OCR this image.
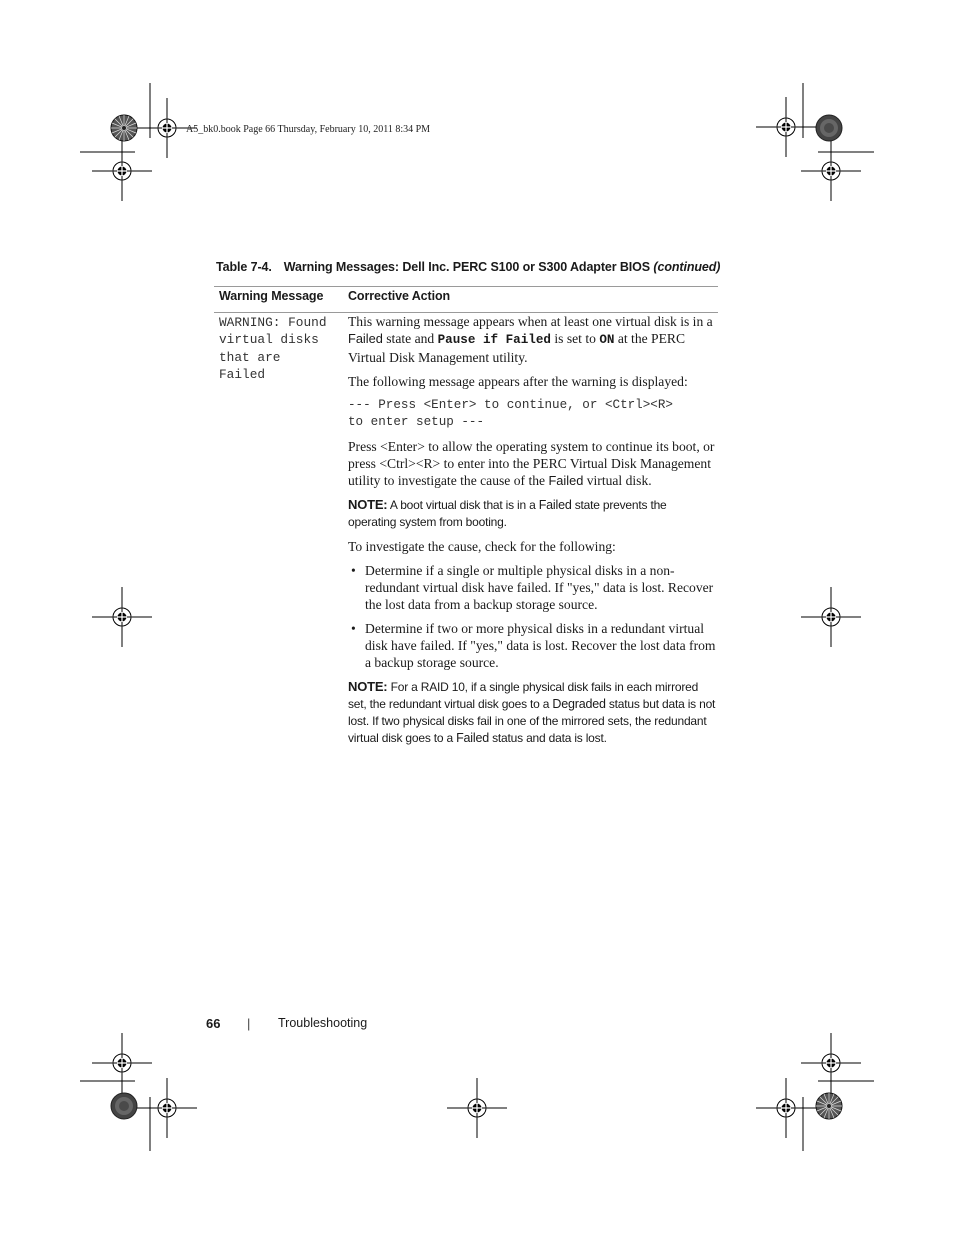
A5_bk0.book Page 66 Thursday, February 10, 2011 8:34 PM
Table 7-4. Warning Messages: Dell Inc. PERC S100 or S300 Adapter BIOS (continued)
Warning Message Corrective Action
WARNING: Found
virtual disks
that are
Failed

This warning message appears when at least one virtual disk is in a Failed state and Pause if Failed is set to ON at the PERC Virtual Disk Management utility.

The following message appears after the warning is displayed:

--- Press <Enter> to continue, or <Ctrl><R>
to enter setup ---

Press <Enter> to allow the operating system to continue its boot, or press <Ctrl><R> to enter into the PERC Virtual Disk Management utility to investigate the cause of the Failed virtual disk.

NOTE: A boot virtual disk that is in a Failed state prevents the operating system from booting.

To investigate the cause, check for the following:

• Determine if a single or multiple physical disks in a non-redundant virtual disk have failed. If "yes," data is lost. Recover the lost data from a backup storage source.
• Determine if two or more physical disks in a redundant virtual disk have failed. If "yes," data is lost. Recover the lost data from a backup storage source.
NOTE: For a RAID 10, if a single physical disk fails in each mirrored set, the redundant virtual disk goes to a Degraded status but data is not lost. If two physical disks fail in one of the mirrored sets, the redundant virtual disk goes to a Failed status and data is lost.
66 | Troubleshooting
